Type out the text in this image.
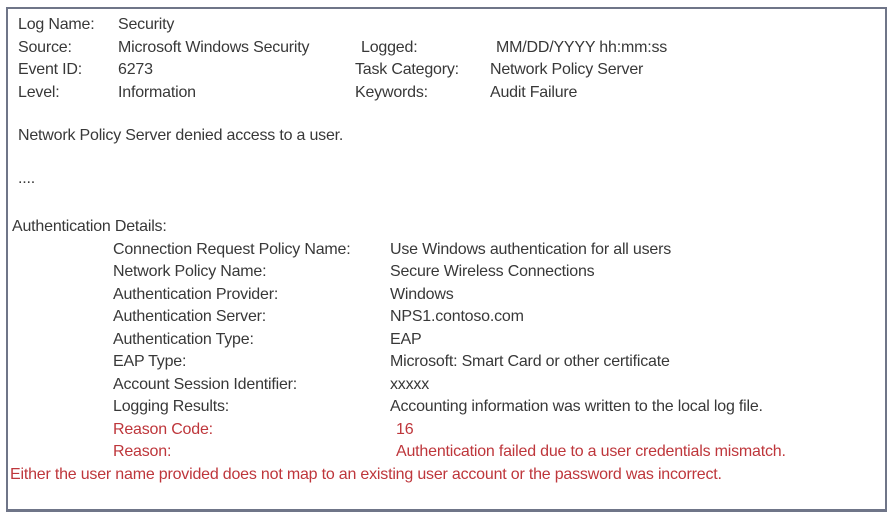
Log Name:	Security
Source:	Microsoft Windows Security	Logged:	MM/DD/YYYY hh:mm:ss
Event ID:	6273	Task Category:	Network Policy Server
Level:	Information	Keywords:	Audit Failure
Network Policy Server denied access to a user.
....
Authentication Details:
Connection Request Policy Name: Use Windows authentication for all users
Network Policy Name:	Secure Wireless Connections
Authentication Provider:	Windows
Authentication Server:	NPS1.contoso.com
Authentication Type:	EAP
EAP Type:	Microsoft: Smart Card or other certificate
Account Session Identifier:	xxxxx
Logging Results:	Accounting information was written to the local log file.
Reason Code:	16
Reason:	Authentication failed due to a user credentials mismatch.
Either the user name provided does not map to an existing user account or the password was incorrect.
